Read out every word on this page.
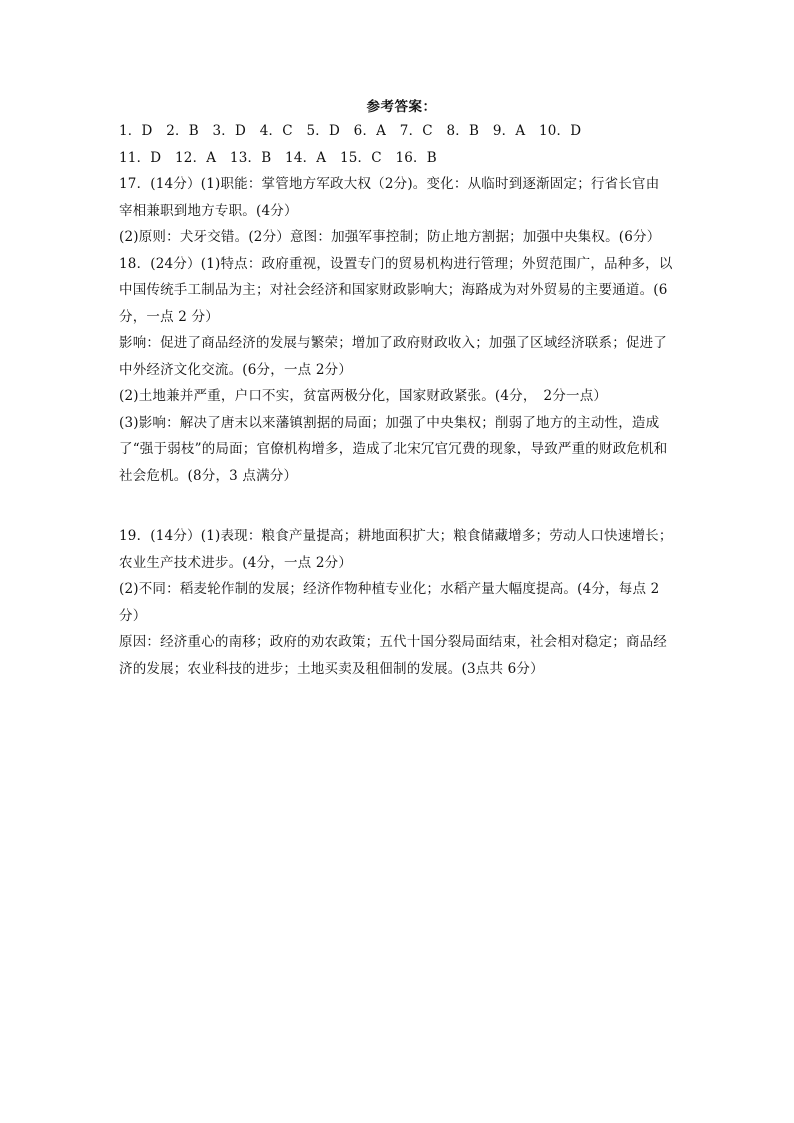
参考答案：
1．D　2．B　3．D　4．C　5．D　6．A　7．C　8．B　9．A　10．D
11．D　12．A　13．B　14．A　15．C　16．B
17．(14分）(1)职能：掌管地方军政大权（2分)。变化：从临时到逐渐固定；行省长官由
宰相兼职到地方专职。(4分）
(2)原则：犬牙交错。(2分）意图：加强军事控制；防止地方割据；加强中央集权。(6分）
18．(24分）(1)特点：政府重视，设置专门的贸易机构进行管理；外贸范围广，品种多，以
中国传统手工制品为主；对社会经济和国家财政影响大；海路成为对外贸易的主要通道。(6
分，一点 2 分）
影响：促进了商品经济的发展与繁荣；增加了政府财政收入；加强了区域经济联系；促进了
中外经济文化交流。(6分，一点 2分）
(2)土地兼并严重，户口不实，贫富两极分化，国家财政紧张。(4分，　2分一点）
(3)影响：解决了唐末以来藩镇割据的局面；加强了中央集权；削弱了地方的主动性，造成
了“强于弱枝”的局面；官僚机构增多，造成了北宋冗官冗费的现象，导致严重的财政危机和
社会危机。(8分，3 点满分）
19．(14分）(1)表现：粮食产量提高；耕地面积扩大；粮食储藏增多；劳动人口快速增长；
农业生产技术进步。(4分，一点 2分）
(2)不同：稻麦轮作制的发展；经济作物种植专业化；水稻产量大幅度提高。(4分，每点 2
分）
原因：经济重心的南移；政府的劝农政策；五代十国分裂局面结束，社会相对稳定；商品经
济的发展；农业科技的进步；土地买卖及租佃制的发展。(3点共 6分）
